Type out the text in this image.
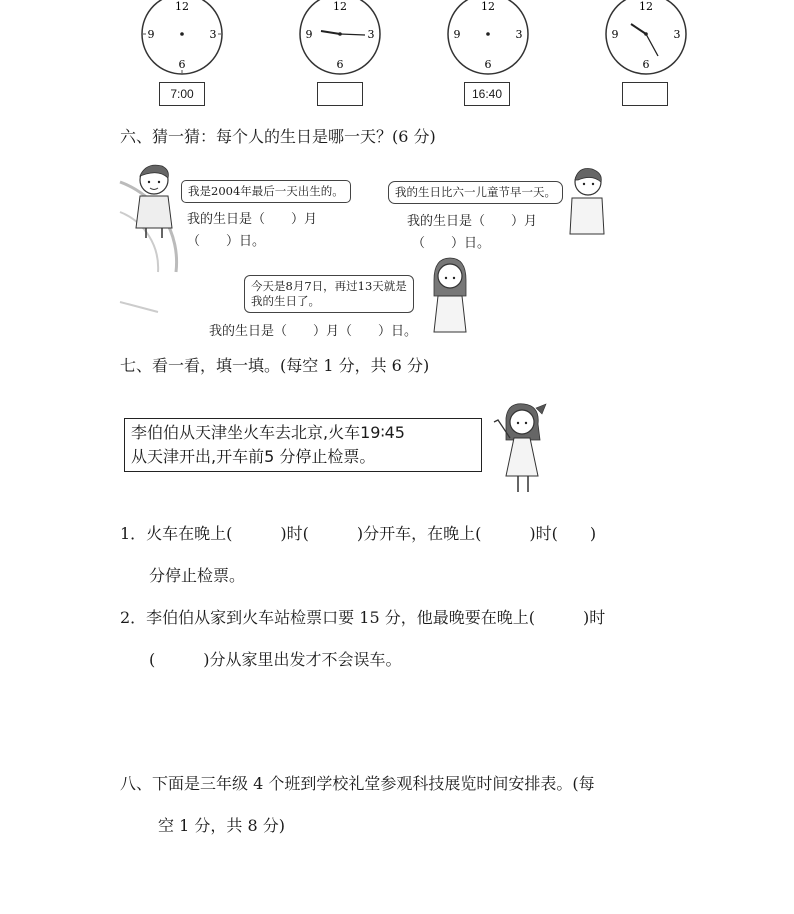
12
3
6
9
7:00
12
3
6
9
12
3
6
9
16:40
12
3
6
9
六、猜一猜：每个人的生日是哪一天？(6 分)
我是2004年最后一天出生的。
我的生日是（　　）月
（　　）日。
我的生日比六一儿童节早一天。
我的生日是（　　）月
（　　）日。
今天是8月7日，再过13天就是
我的生日了。
我的生日是（　　）月（　　）日。
七、看一看，填一填。(每空 1 分，共 6 分)
李伯伯从天津坐火车去北京,火车19∶45
从天津开出,开车前5 分停止检票。
1．火车在晚上(　　　)时(　　　)分开车，在晚上(　　　)时(　　)
分停止检票。
2．李伯伯从家到火车站检票口要 15 分，他最晚要在晚上(　　　)时
(　　　)分从家里出发才不会误车。
八、下面是三年级 4 个班到学校礼堂参观科技展览时间安排表。(每
空 1 分，共 8 分)
